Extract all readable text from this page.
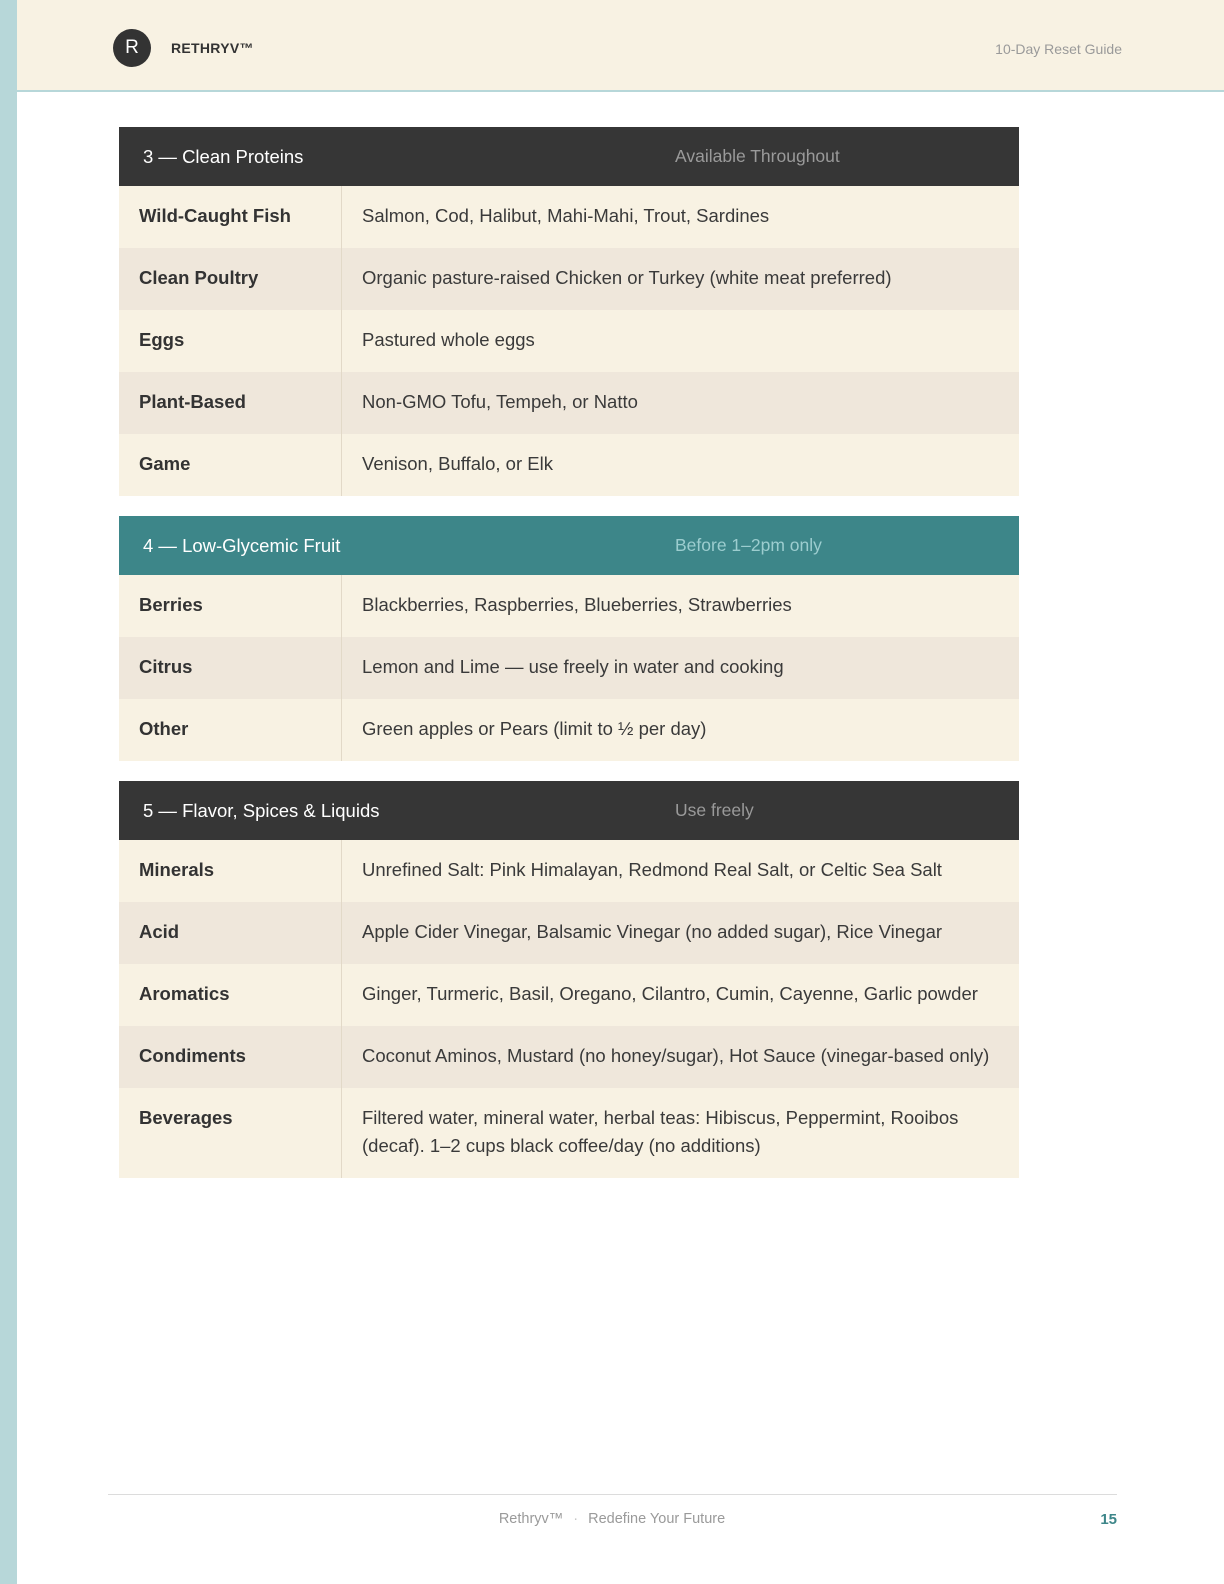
R	RETHRYV™	10-Day Reset Guide
3 — Clean Proteins	Available Throughout
Wild-Caught Fish	Salmon, Cod, Halibut, Mahi-Mahi, Trout, Sardines
Clean Poultry	Organic pasture-raised Chicken or Turkey (white meat preferred)
Eggs	Pastured whole eggs
Plant-Based	Non-GMO Tofu, Tempeh, or Natto
Game	Venison, Buffalo, or Elk
4 — Low-Glycemic Fruit	Before 1–2pm only
Berries	Blackberries, Raspberries, Blueberries, Strawberries
Citrus	Lemon and Lime — use freely in water and cooking
Other	Green apples or Pears (limit to ½ per day)
5 — Flavor, Spices & Liquids	Use freely
Minerals	Unrefined Salt: Pink Himalayan, Redmond Real Salt, or Celtic Sea Salt
Acid	Apple Cider Vinegar, Balsamic Vinegar (no added sugar), Rice Vinegar
Aromatics	Ginger, Turmeric, Basil, Oregano, Cilantro, Cumin, Cayenne, Garlic powder
Condiments	Coconut Aminos, Mustard (no honey/sugar), Hot Sauce (vinegar-based only)
Beverages	Filtered water, mineral water, herbal teas: Hibiscus, Peppermint, Rooibos (decaf). 1–2 cups black coffee/day (no additions)
Rethryv™ · Redefine Your Future	15
